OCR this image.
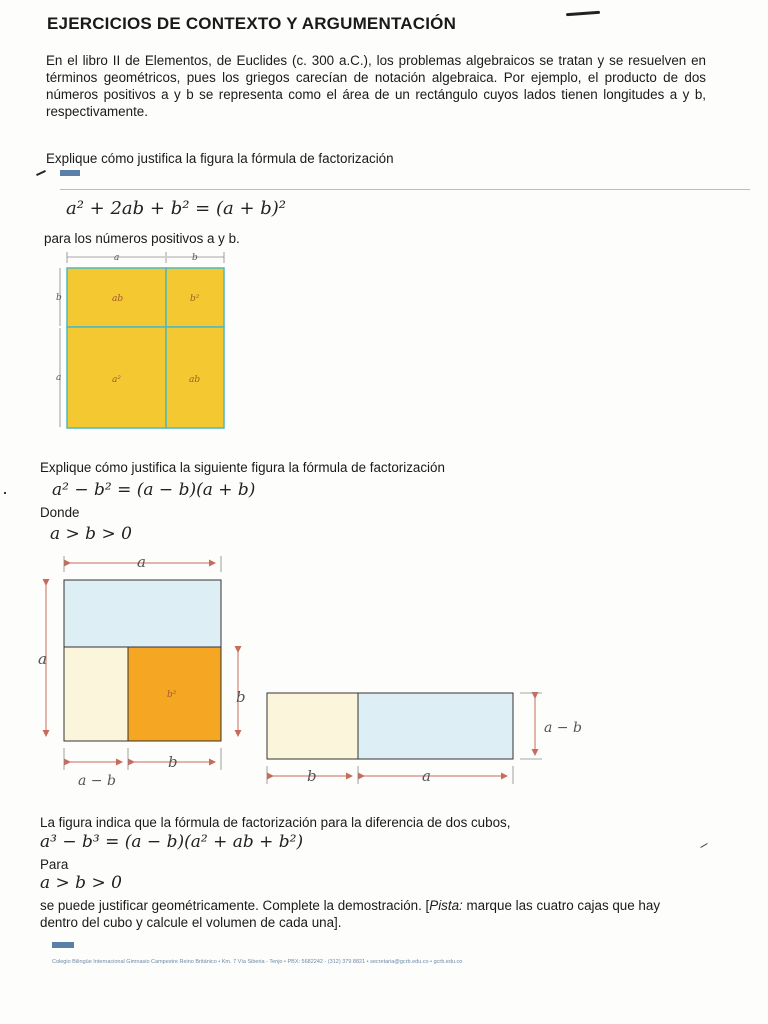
EJERCICIOS DE CONTEXTO Y ARGUMENTACIÓN
En el libro II de Elementos, de Euclides (c. 300 a.C.), los problemas algebraicos se tratan y se resuelven en términos geométricos, pues los griegos carecían de notación algebraica. Por ejemplo, el producto de dos números positivos a y b se representa como el área de un rectángulo cuyos lados tienen longitudes a y b, respectivamente.
Explique cómo justifica la figura la fórmula de factorización
a² + 2ab + b² = (a + b)²
para los números positivos a y b.
a	b
b
a
ab	b²
a²	ab
Explique cómo justifica la siguiente figura la fórmula de factorización
a² − b² = (a − b)(a + b)
Donde
a > b > 0
a
a
b²	b
a − b
b
a − b
b	a
La figura indica que la fórmula de factorización para la diferencia de dos cubos,
a³ − b³ = (a − b)(a² + ab + b²)
Para
a > b > 0
se puede justificar geométricamente. Complete la demostración. [Pista: marque las cuatro cajas que hay dentro del cubo y calcule el volumen de cada una].
Colegio Bilingüe Internacional Gimnasio Campestre Reino Británico • Km. 7 Vía Siberia - Tenjo • PBX: 5682242 - (312) 379 8821 • secretaria@gcrb.edu.co • gcrb.edu.co
